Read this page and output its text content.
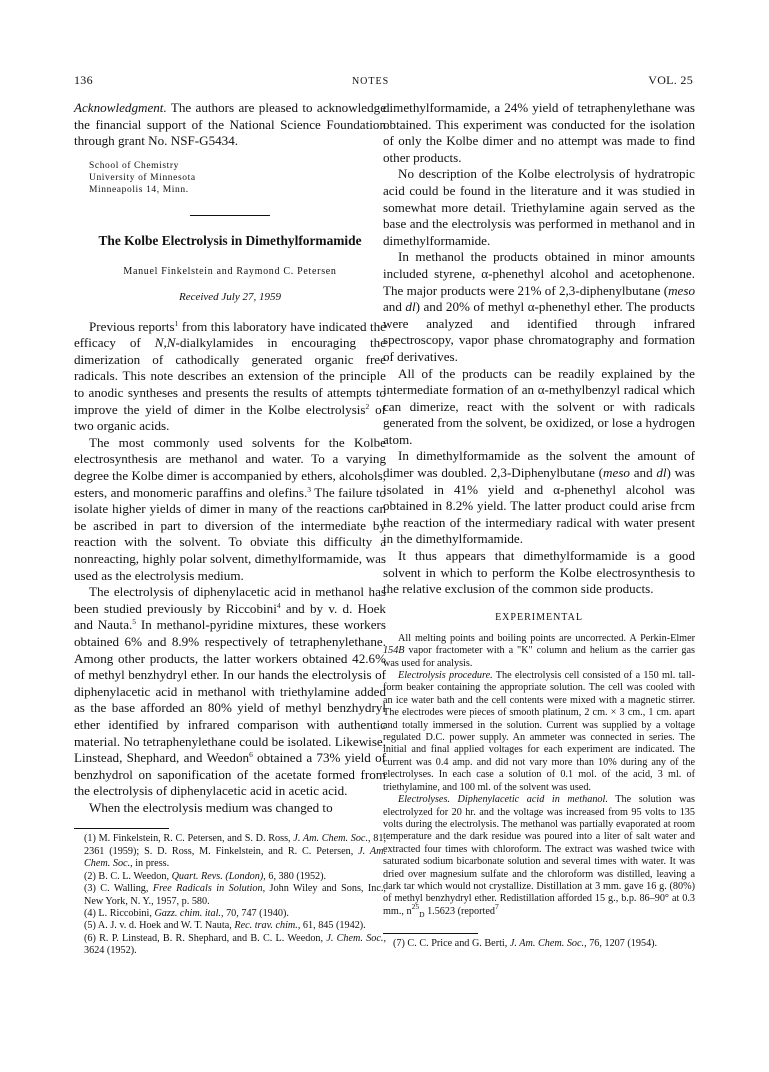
136	NOTES	VOL. 25

Acknowledgment. The authors are pleased to acknowledge the financial support of the National Science Foundation through grant No. NSF-G5434.

School of Chemistry
University of Minnesota
Minneapolis 14, Minn.
The Kolbe Electrolysis in Dimethylformamide
Manuel Finkelstein and Raymond C. Petersen
Received July 27, 1959

Previous reports$^1$ from this laboratory have indicated the efficacy of N,N-dialkylamides in encouraging the dimerization of cathodically generated organic free radicals. This note describes an extension of the principle to anodic syntheses and presents the results of attempts to improve the yield of dimer in the Kolbe electrolysis$^2$ of two organic acids.

The most commonly used solvents for the Kolbe electrosynthesis are methanol and water. To a varying degree the Kolbe dimer is accompanied by ethers, alcohols, esters, and monomeric paraffins and olefins.$^3$ The failure to isolate higher yields of dimer in many of the reactions can be ascribed in part to diversion of the intermediate by reaction with the solvent. To obviate this difficulty a nonreacting, highly polar solvent, dimethylformamide, was used as the electrolysis medium.

The electrolysis of diphenylacetic acid in methanol has been studied previously by Riccobini$^4$ and by v. d. Hoek and Nauta.$^5$ In methanol-pyridine mixtures, these workers obtained 6% and 8.9% respectively of tetraphenylethane. Among other products, the latter workers obtained 42.6% of methyl benzhydryl ether. In our hands the electrolysis of diphenylacetic acid in methanol with triethylamine added as the base afforded an 80% yield of methyl benzhydryl ether identified by infrared comparison with authentic material. No tetraphenylethane could be isolated. Likewise, Linstead, Shephard, and Weedon$^6$ obtained a 73% yield of benzhydrol on saponification of the acetate formed from the electrolysis of diphenylacetic acid in acetic acid.

When the electrolysis medium was changed to

(1) M. Finkelstein, R. C. Petersen, and S. D. Ross, J. Am. Chem. Soc., 81, 2361 (1959); S. D. Ross, M. Finkelstein, and R. C. Petersen, J. Am. Chem. Soc., in press.

(2) B. C. L. Weedon, Quart. Revs. (London), 6, 380 (1952).

(3) C. Walling, Free Radicals in Solution, John Wiley and Sons, Inc., New York, N. Y., 1957, p. 580.

(4) L. Riccobini, Gazz. chim. ital., 70, 747 (1940).

(5) A. J. v. d. Hoek and W. T. Nauta, Rec. trav. chim., 61, 845 (1942).

(6) R. P. Linstead, B. R. Shephard, and B. C. L. Weedon, J. Chem. Soc., 3624 (1952).

dimethylformamide, a 24% yield of tetraphenylethane was obtained. This experiment was conducted for the isolation of only the Kolbe dimer and no attempt was made to find other products.

No description of the Kolbe electrolysis of hydratropic acid could be found in the literature and it was studied in somewhat more detail. Triethylamine again served as the base and the electrolysis was performed in methanol and in dimethylformamide.

In methanol the products obtained in minor amounts included styrene, α-phenethyl alcohol and acetophenone. The major products were 21% of 2,3-diphenylbutane (meso and dl) and 20% of methyl α-phenethyl ether. The products were analyzed and identified through infrared spectroscopy, vapor phase chromatography and formation of derivatives.

All of the products can be readily explained by the intermediate formation of an α-methylbenzyl radical which can dimerize, react with the solvent or with radicals generated from the solvent, be oxidized, or lose a hydrogen atom.

In dimethylformamide as the solvent the amount of dimer was doubled. 2,3-Diphenylbutane (meso and dl) was isolated in 41% yield and α-phenethyl alcohol was obtained in 8.2% yield. The latter product could arise frcm the reaction of the intermediary radical with water present in the dimethylformamide.

It thus appears that dimethylformamide is a good solvent in which to perform the Kolbe electrosynthesis to the relative exclusion of the common side products.

EXPERIMENTAL

All melting points and boiling points are uncorrected. A Perkin-Elmer 154B vapor fractometer with a "K" column and helium as the carrier gas was used for analysis.

Electrolysis procedure. The electrolysis cell consisted of a 150 ml. tall-form beaker containing the appropriate solution. The cell was cooled with an ice water bath and the cell contents were mixed with a magnetic stirrer. The electrodes were pieces of smooth platinum, 2 cm. × 3 cm., 1 cm. apart and totally immersed in the solution. Current was supplied by a voltage regulated D.C. power supply. An ammeter was connected in series. The initial and final applied voltages for each experiment are indicated. The current was 0.4 amp. and did not vary more than 10% during any of the electrolyses. In each case a solution of 0.1 mol. of the acid, 3 ml. of triethylamine, and 100 ml. of the solvent was used.

Electrolyses. Diphenylacetic acid in methanol. The solution was electrolyzed for 20 hr. and the voltage was increased from 95 volts to 135 volts during the electrolysis. The methanol was partially evaporated at room temperature and the dark residue was poured into a liter of salt water and extracted four times with chloroform. The extract was washed twice with saturated sodium bicarbonate solution and several times with water. It was dried over magnesium sulfate and the chloroform was distilled, leaving a dark tar which would not crystallize. Distillation at 3 mm. gave 16 g. (80%) of methyl benzhydryl ether. Redistillation afforded 15 g., b.p. 86–90° at 0.3 mm., $n^{25}_D$ 1.5623 (reported$^7$

(7) C. C. Price and G. Berti, J. Am. Chem. Soc., 76, 1207 (1954).
